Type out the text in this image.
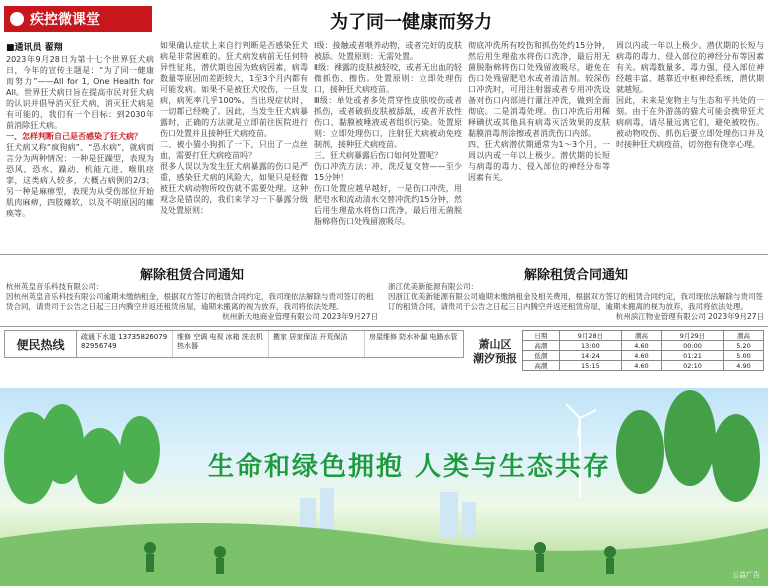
疾控微课堂	为了同一健康而努力
■通讯员 翟翔

2023年9月28日为第十七个世界狂犬病日，今年的宣传主题是：“为了同一健康而努力”——All for 1, One Health for All。世界狂犬病日旨在提高市民对狂犬病的认识并倡导消灭狂犬病，消灭狂犬病是有可能的，我们有一个目标：到2030年前消除狂犬病。

一、怎样判断自己是否感染了狂犬病？

狂犬病又称“疯狗病”、“恐水病”，就病而言分为两种情况：一种是狂躁型，表现为恐风、恐水、躁动、机能亢进、喉肌痉挛，这类病人较多，大概占病例的2/3；另一种是麻痹型，表现为从受伤部位开始肌肉麻痹，四肢瘫软，以及不明原因的瘫痪等。

如果确认症状上来自行判断是否感染狂犬病是非常困难的。狂犬病发病前无任何特异性征兆，潜伏期也因为致病因素，病毒数量等原因而差距较大，1至3个月内都有可能发病。如果不是被狂犬咬伤，一旦发病，病死率几乎100%。当出现症状时，一切都已经晚了。因此，当发生狂犬病暴露时，正确的方法就是立即前往医院进行伤口处置并且接种狂犬病疫苗。

二、被小猫小狗抓了一下，只出了一点丝血，需要打狂犬病疫苗吗？

很多人误以为发生狂犬病暴露的伤口是严重，感染狂犬病的风险大，如果只是轻微被狂犬病动物所咬伤就不需要处理。这种观念是错误的，我们来学习一下暴露分级及处置原则：

Ⅰ级：接触或者喂养动物，或者完好的皮肤被舔。处置原则：无需处置。

Ⅱ级：裸露的皮肤被轻咬，或者无出血的轻微抓伤、擦伤。处置原则：立即处理伤口，接种狂犬病疫苗。

Ⅲ级：单处或者多处贯穿性皮肤咬伤或者抓伤，或者破损皮肤被舔舐，或者开放性伤口、黏膜被唾液或者组织污染。处置原则：立即处理伤口，注射狂犬病被动免疫制剂，接种狂犬病疫苗。

三、狂犬病暴露后伤口如何处置呢？

伤口冲洗方法：冲、洗反复交替——至少15分钟！

伤口处置应越早越好，一是伤口冲洗，用肥皂水和流动清水交替冲洗约15分钟，然后用生理盐水将伤口洗净，最后用无菌脱脂棉将伤口处残留液吸尽。

彻底冲洗所有咬伤和抓伤处约15分钟，然后用生理盐水将伤口洗净，最后用无菌脱脂棉将伤口处残留液吸尽，避免在伤口处残留肥皂水或者清洁剂。较深伤口冲洗时，可用注射器或者专用冲洗设备对伤口内部进行灌注冲洗，做到全面彻底。二是消毒处理。伤口冲洗后用稀释碘伏或其他具有病毒灭活效果的皮肤黏膜消毒剂涂擦或者消洗伤口内部。

四、狂犬病潜伏期通常为1～3个月，一周以内或一年以上极少。潜伏期的长短与病毒的毒力、侵入部位的神经分布等因素有关。

周以内或一年以上极少。潜伏期的长短与病毒的毒力、侵入部位的神经分布等因素有关。病毒数量多、毒力强、侵入部位神经越丰富、越靠近中枢神经系统，潜伏期就越短。

因此，未来是宠物主与生态和平共处的一刻。由于在外游荡的猫犬可能会携带狂犬病病毒，请尽量远离它们，避免被咬伤。被动物咬伤、抓伤后要立即处理伤口并及时接种狂犬病疫苗，切勿抱有侥幸心理。

解除租赁合同通知

杭州英皇音乐科技有限公司：

因杭州英皇音乐科技有限公司逾期未缴纳租金，根据双方签订的租赁合同约定，我司现依法解除与贵司签订的租赁合同，请贵司于公告之日起三日内腾空并返还租赁房屋，逾期未搬离的视为放弃，我司将依法处理。

杭州新天地商业管理有限公司 2023年9月27日

解除租赁合同通知

浙江优美新能源有限公司：

因浙江优美新能源有限公司逾期未缴纳租金及相关费用，根据双方签订的租赁合同约定，我司现依法解除与贵司签订的租赁合同，请贵司于公告之日起三日内腾空并返还租赁房屋，逾期未搬离的视为放弃，我司将依法处理。

杭州滨江物业管理有限公司 2023年9月27日

便民热线
疏通下水道 13735826079 82956749
维修 空调 电视 冰箱 洗衣机 热水器
搬家 居家保洁 开荒保洁	房屋维修 防水补漏 电路水管
萧山区
潮汐预报
日期	9月28日	潮高	9月29日	潮高
高潮	13:00	4.60	00:00	5.20
低潮	14:24	4.60	01:21	5.00
高潮	15:15	4.60	02:10	4.90
生命和绿色拥抱 人类与生态共存
公益广告
